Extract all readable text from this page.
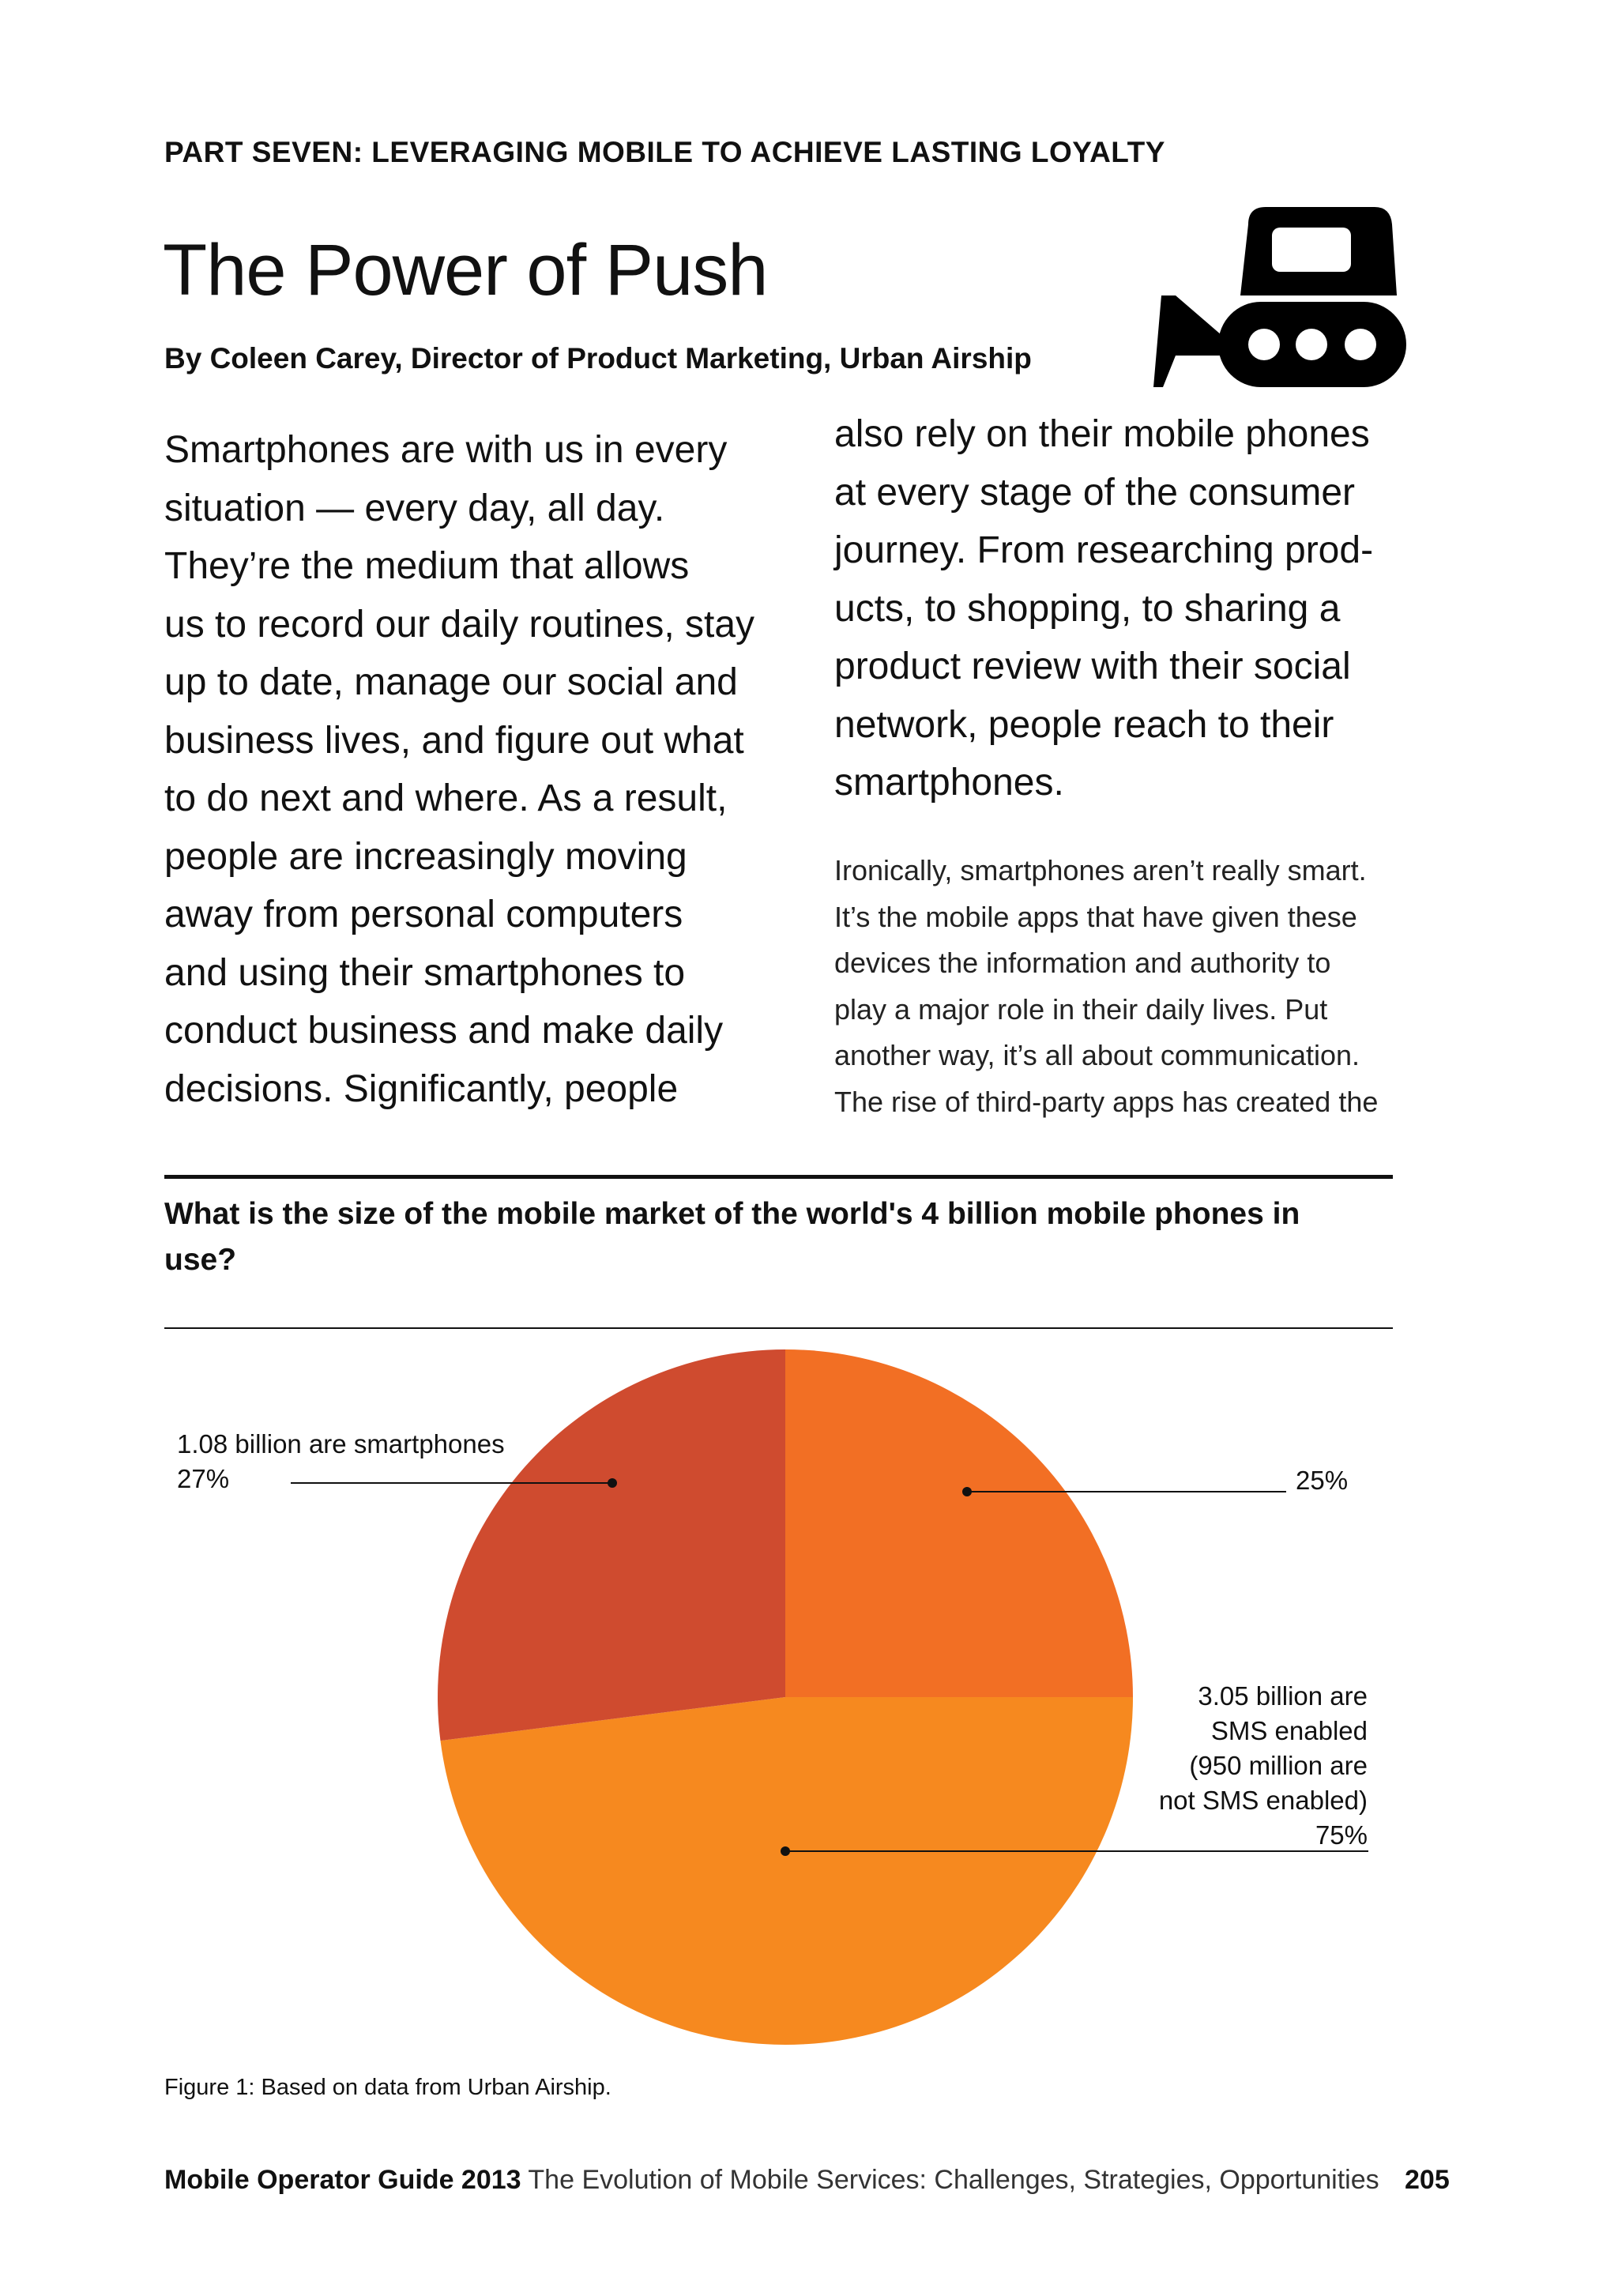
PART SEVEN: LEVERAGING MOBILE TO ACHIEVE LASTING LOYALTY
The Power of Push
By Coleen Carey, Director of Product Marketing, Urban Airship

Smartphones are with us in every

situation — every day, all day.

They’re the medium that allows

us to record our daily routines, stay

up to date, manage our social and

business lives, and figure out what

to do next and where. As a result,

people are increasingly moving

away from personal computers

and using their smartphones to

conduct business and make daily

decisions. Significantly, people

also rely on their mobile phones

at every stage of the consumer

journey. From researching prod-

ucts, to shopping, to sharing a

product review with their social

network, people reach to their

smartphones.

Ironically, smartphones aren’t really smart.

It’s the mobile apps that have given these

devices the information and authority to

play a major role in their daily lives. Put

another way, it’s all about communication.

The rise of third-party apps has created the

What is the size of the mobile market of the world's 4 billion mobile phones in use?
1.08 billion are smartphones
27%	25%
3.05 billion are
SMS enabled
(950 million are
not SMS enabled)
75%
Figure 1: Based on data from Urban Airship.
Mobile Operator Guide 2013 The Evolution of Mobile Services: Challenges, Strategies, Opportunities 205
